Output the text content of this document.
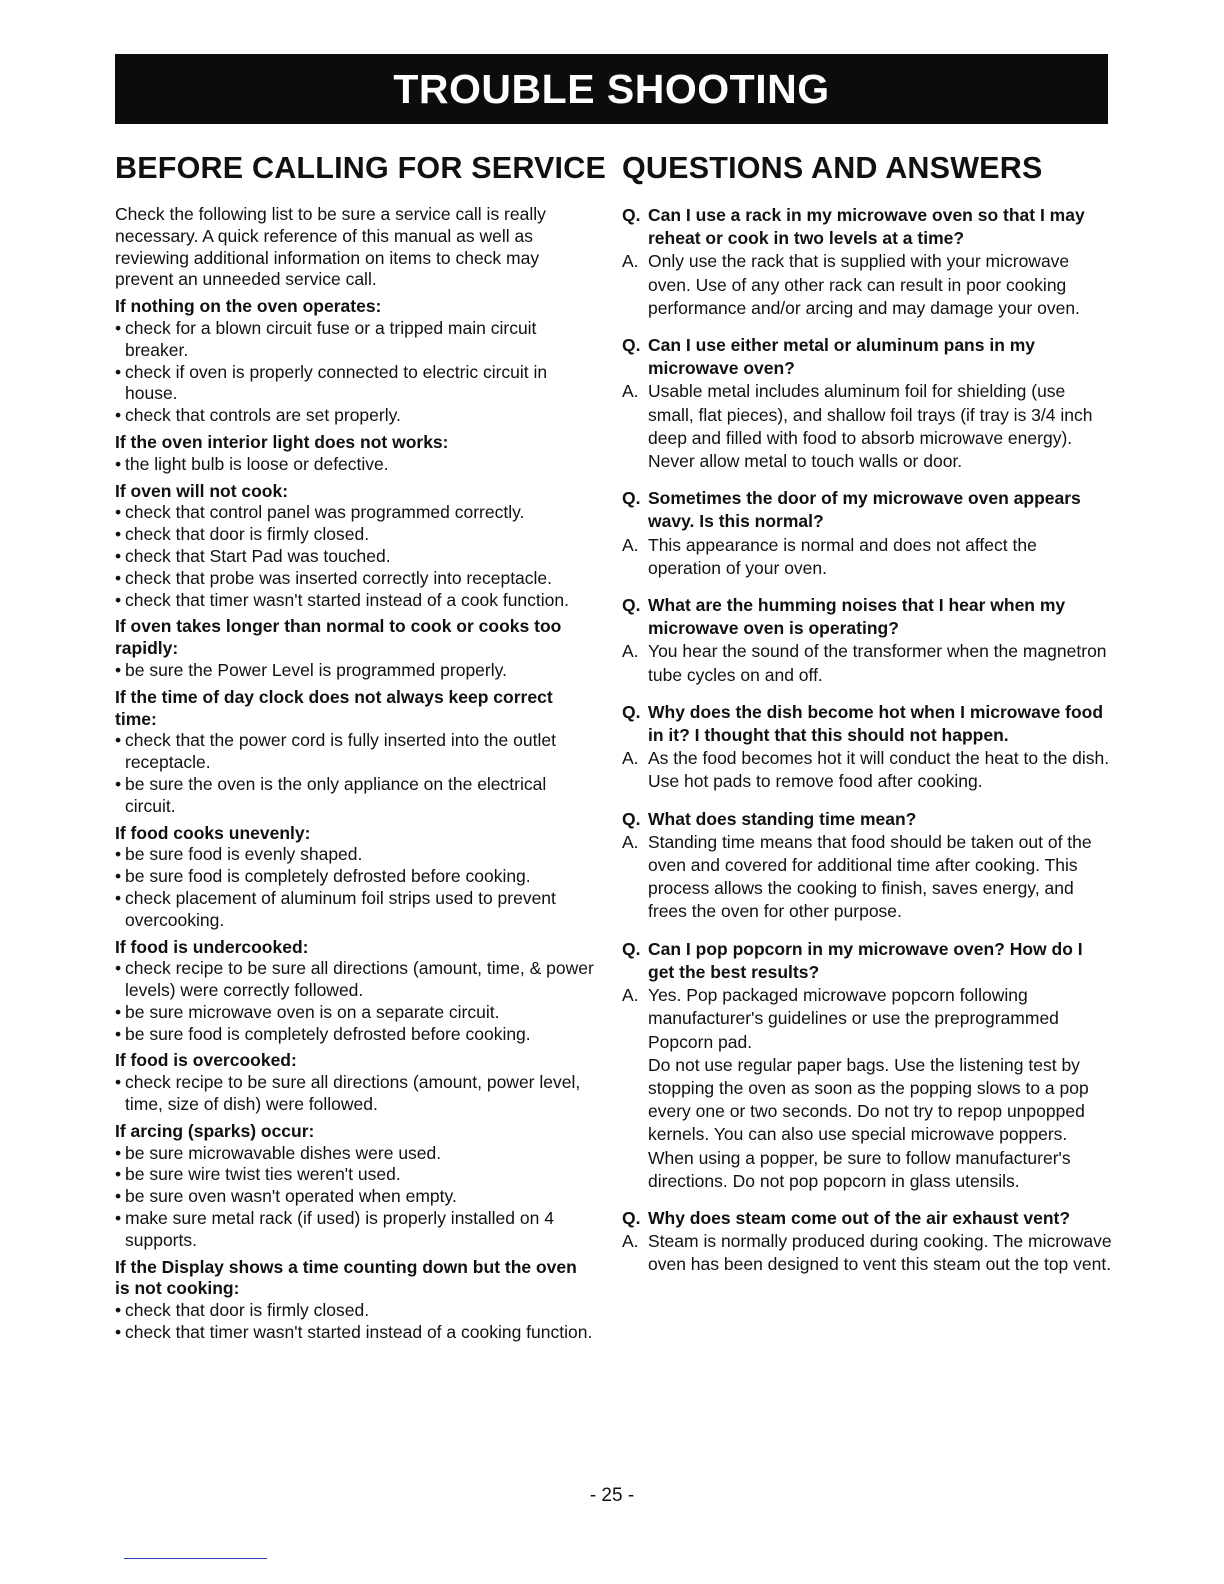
TROUBLE SHOOTING
BEFORE CALLING FOR SERVICE

Check the following list to be sure a service call is really necessary. A quick reference of this manual as well as reviewing additional information on items to check may prevent an unneeded service call.

If nothing on the oven operates:
• check for a blown circuit fuse or a tripped main circuit breaker.
• check if oven is properly connected to electric circuit in house.
• check that controls are set properly.
If the oven interior light does not works:
• the light bulb is loose or defective.
If oven will not cook:
• check that control panel was programmed correctly.
• check that door is firmly closed.
• check that Start Pad was touched.
• check that probe was inserted correctly into receptacle.
• check that timer wasn't started instead of a cook function.
If oven takes longer than normal to cook or cooks too rapidly:
• be sure the Power Level is programmed properly.
If the time of day clock does not always keep correct time:
• check that the power cord is fully inserted into the outlet receptacle.
• be sure the oven is the only appliance on the electrical circuit.
If food cooks unevenly:
• be sure food is evenly shaped.
• be sure food is completely defrosted before cooking.
• check placement of aluminum foil strips used to prevent overcooking.
If food is undercooked:
• check recipe to be sure all directions (amount, time, & power levels) were correctly followed.
• be sure microwave oven is on a separate circuit.
• be sure food is completely defrosted before cooking.
If food is overcooked:
• check recipe to be sure all directions (amount, power level, time, size of dish) were followed.
If arcing (sparks) occur:
• be sure microwavable dishes were used.
• be sure wire twist ties weren't used.
• be sure oven wasn't operated when empty.
• make sure metal rack (if used) is properly installed on 4 supports.
If the Display shows a time counting down but the oven is not cooking:
• check that door is firmly closed.
• check that timer wasn't started instead of a cooking function.
QUESTIONS AND ANSWERS
Q. Can I use a rack in my microwave oven so that I may reheat or cook in two levels at a time?
A. Only use the rack that is supplied with your microwave oven. Use of any other rack can result in poor cooking performance and/or arcing and may damage your oven.
Q. Can I use either metal or aluminum pans in my microwave oven?
A. Usable metal includes aluminum foil for shielding (use small, flat pieces), and shallow foil trays (if tray is 3/4 inch deep and filled with food to absorb microwave energy). Never allow metal to touch walls or door.
Q. Sometimes the door of my microwave oven appears wavy. Is this normal?
A. This appearance is normal and does not affect the operation of your oven.
Q. What are the humming noises that I hear when my microwave oven is operating?
A. You hear the sound of the transformer when the magnetron tube cycles on and off.
Q. Why does the dish become hot when I microwave food in it? I thought that this should not happen.
A. As the food becomes hot it will conduct the heat to the dish. Use hot pads to remove food after cooking.
Q. What does standing time mean?
A. Standing time means that food should be taken out of the oven and covered for additional time after cooking. This process allows the cooking to finish, saves energy, and frees the oven for other purpose.
Q. Can I pop popcorn in my microwave oven? How do I get the best results?
A. Yes. Pop packaged microwave popcorn following manufacturer's guidelines or use the preprogrammed Popcorn pad.
Do not use regular paper bags. Use the listening test by stopping the oven as soon as the popping slows to a pop every one or two seconds. Do not try to repop unpopped kernels. You can also use special microwave poppers. When using a popper, be sure to follow manufacturer's directions. Do not pop popcorn in glass utensils.
Q. Why does steam come out of the air exhaust vent?
A. Steam is normally produced during cooking. The microwave oven has been designed to vent this steam out the top vent.
- 25 -
